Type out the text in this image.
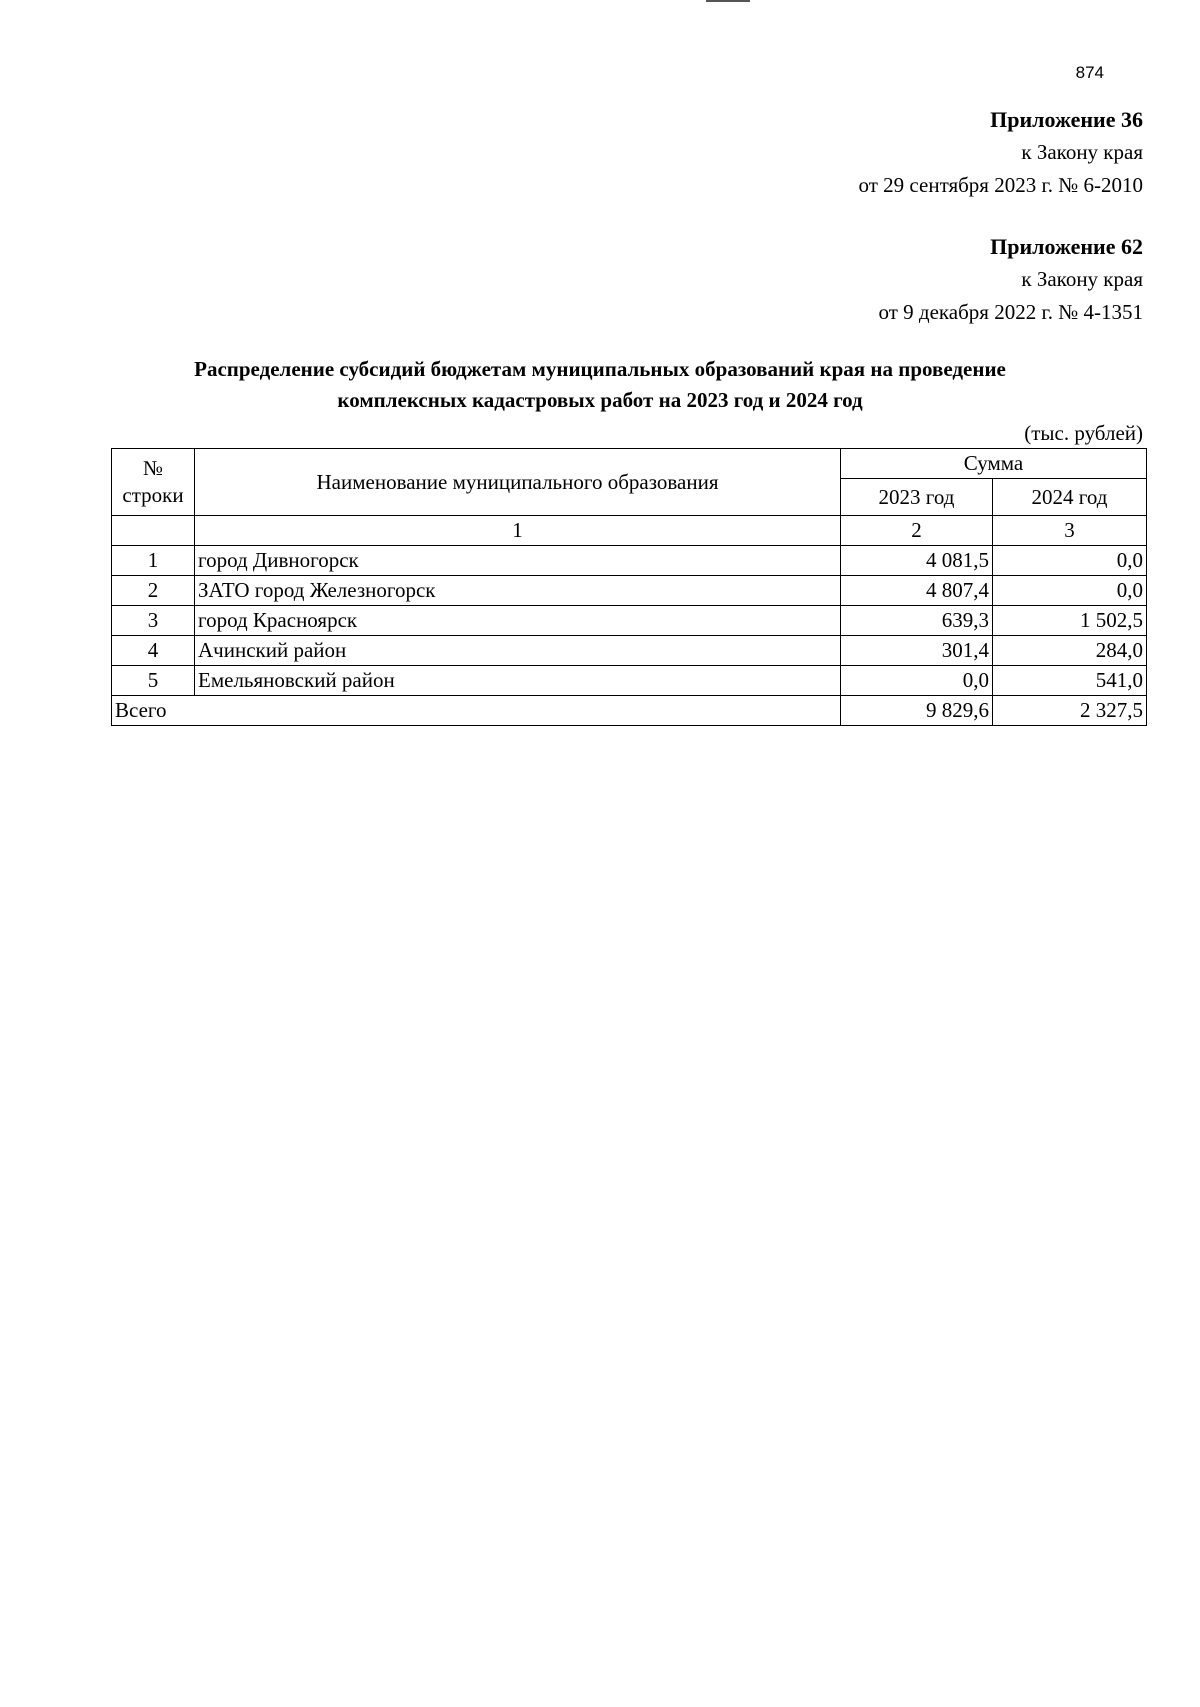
874
Приложение 36
к Закону края
от 29 сентября 2023 г. № 6-2010
Приложение 62
к Закону края
от 9 декабря 2022 г. № 4-1351
Распределение субсидий бюджетам муниципальных образований края на проведение
комплексных кадастровых работ на 2023 год и 2024 год
(тыс. рублей)
№
строки	Наименование муниципального образования	Сумма	
		2023 год	2024 год
	1	2	3
1	город Дивногорск	4 081,5	0,0
2	ЗАТО город Железногорск	4 807,4	0,0
3	город Красноярск	639,3	1 502,5
4	Ачинский район	301,4	284,0
5	Емельяновский район	0,0	541,0
Всего		9 829,6	2 327,5
